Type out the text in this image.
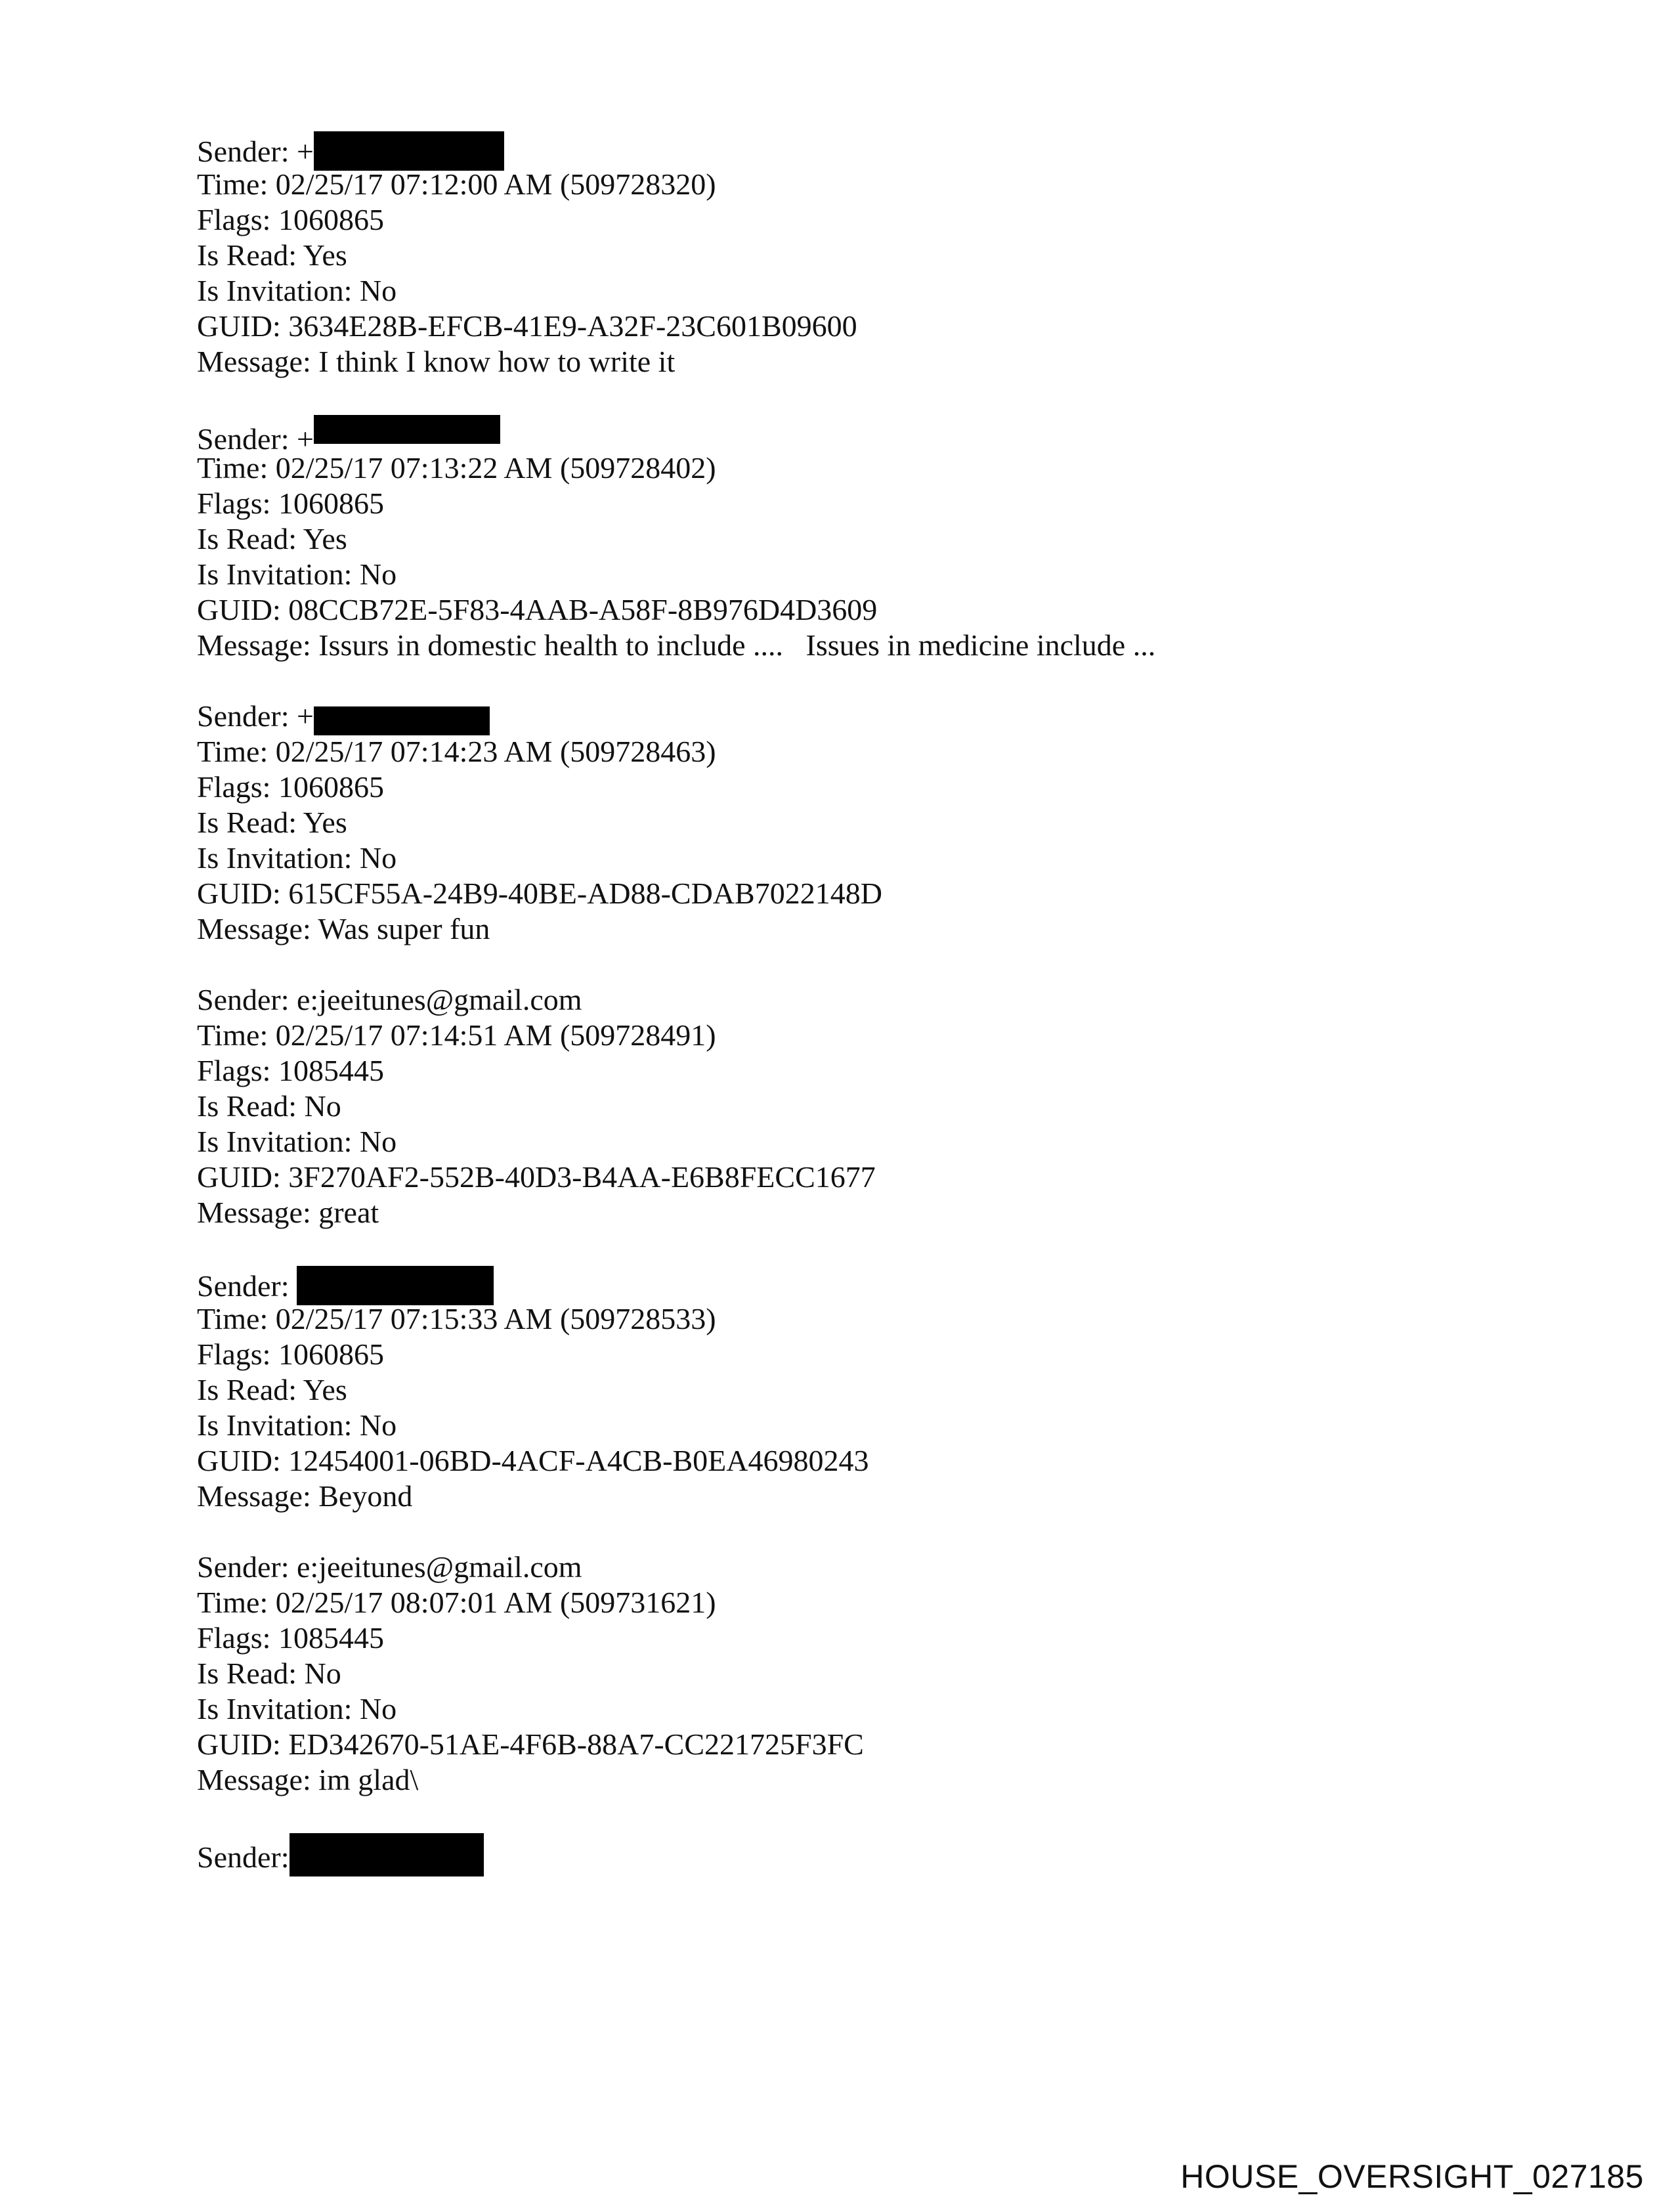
Sender: +
Time: 02/25/17 07:12:00 AM (509728320)
Flags: 1060865
Is Read: Yes
Is Invitation: No
GUID: 3634E28B-EFCB-41E9-A32F-23C601B09600
Message: I think I know how to write it
Sender: +
Time: 02/25/17 07:13:22 AM (509728402)
Flags: 1060865
Is Read: Yes
Is Invitation: No
GUID: 08CCB72E-5F83-4AAB-A58F-8B976D4D3609
Message: Issurs in domestic health to include ....   Issues in medicine include ...
Sender: +
Time: 02/25/17 07:14:23 AM (509728463)
Flags: 1060865
Is Read: Yes
Is Invitation: No
GUID: 615CF55A-24B9-40BE-AD88-CDAB7022148D
Message: Was super fun
Sender: e:jeeitunes@gmail.com
Time: 02/25/17 07:14:51 AM (509728491)
Flags: 1085445
Is Read: No
Is Invitation: No
GUID: 3F270AF2-552B-40D3-B4AA-E6B8FECC1677
Message: great
Sender:
Time: 02/25/17 07:15:33 AM (509728533)
Flags: 1060865
Is Read: Yes
Is Invitation: No
GUID: 12454001-06BD-4ACF-A4CB-B0EA46980243
Message: Beyond
Sender: e:jeeitunes@gmail.com
Time: 02/25/17 08:07:01 AM (509731621)
Flags: 1085445
Is Read: No
Is Invitation: No
GUID: ED342670-51AE-4F6B-88A7-CC221725F3FC
Message: im glad\
Sender:
HOUSE_OVERSIGHT_027185
